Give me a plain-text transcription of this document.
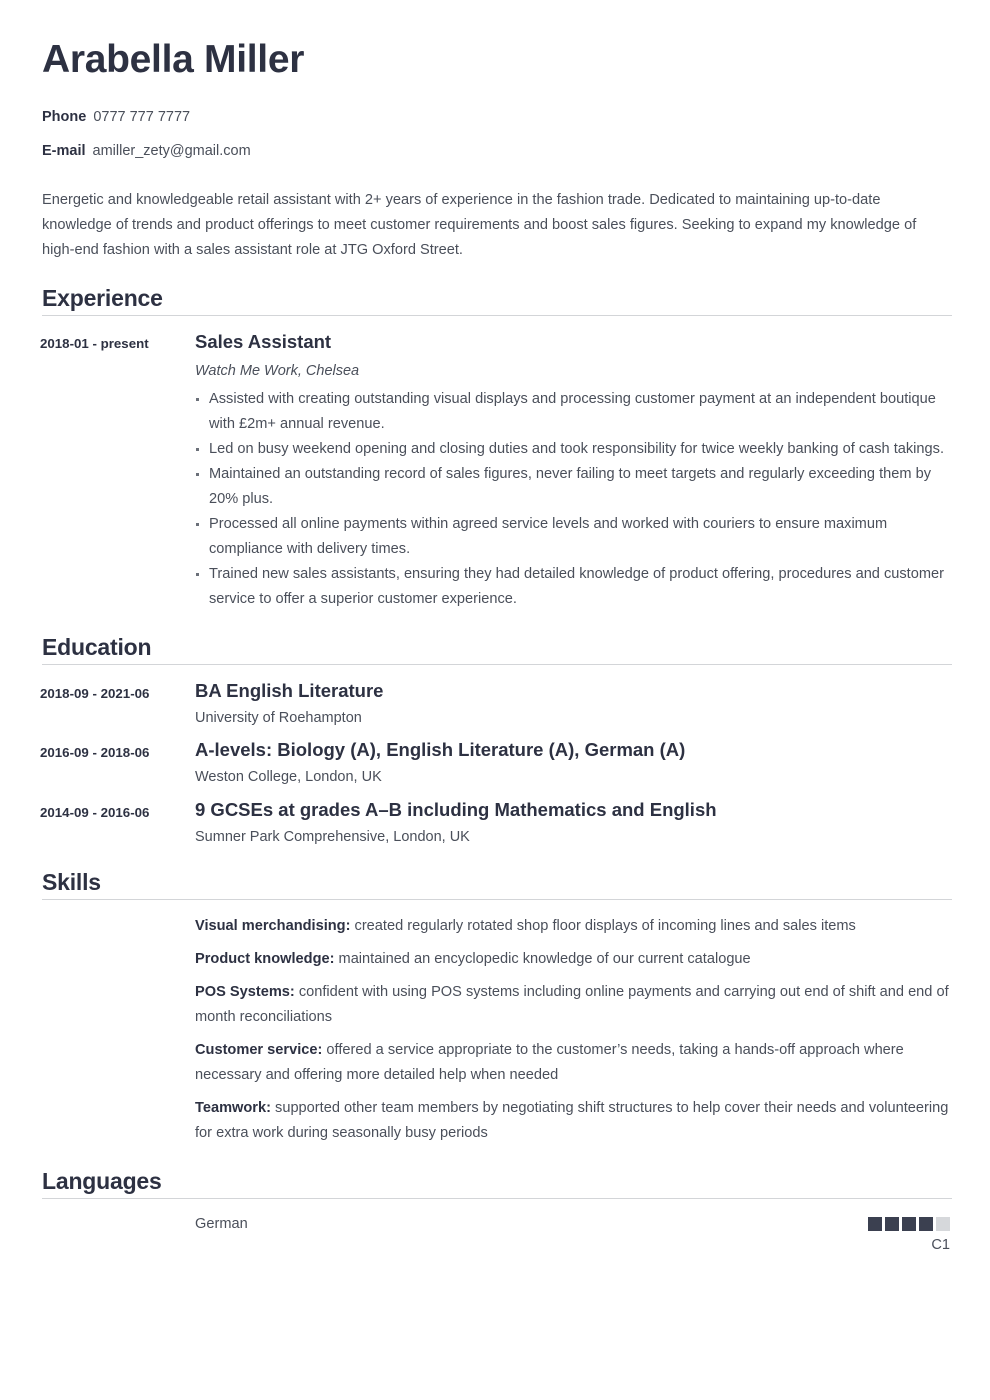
Arabella Miller
Phone 0777 777 7777
E-mail amiller_zety@gmail.com

Energetic and knowledgeable retail assistant with 2+ years of experience in the fashion trade. Dedicated to maintaining up-to-date knowledge of trends and product offerings to meet customer requirements and boost sales figures. Seeking to expand my knowledge of high-end fashion with a sales assistant role at JTG Oxford Street.

Experience
2018-01 - present	Sales Assistant
Watch Me Work, Chelsea
Assisted with creating outstanding visual displays and processing customer payment at an independent boutique with £2m+ annual revenue.
Led on busy weekend opening and closing duties and took responsibility for twice weekly banking of cash takings.
Maintained an outstanding record of sales figures, never failing to meet targets and regularly exceeding them by 20% plus.
Processed all online payments within agreed service levels and worked with couriers to ensure maximum compliance with delivery times.
Trained new sales assistants, ensuring they had detailed knowledge of product offering, procedures and customer service to offer a superior customer experience.
Education
2018-09 - 2021-06	BA English Literature
University of Roehampton
2016-09 - 2018-06	A-levels: Biology (A), English Literature (A), German (A)
Weston College, London, UK
2014-09 - 2016-06	9 GCSEs at grades A–B including Mathematics and English
Sumner Park Comprehensive, London, UK
Skills
Visual merchandising: created regularly rotated shop floor displays of incoming lines and sales items
Product knowledge: maintained an encyclopedic knowledge of our current catalogue
POS Systems: confident with using POS systems including online payments and carrying out end of shift and end of month reconciliations
Customer service: offered a service appropriate to the customer’s needs, taking a hands-off approach where necessary and offering more detailed help when needed
Teamwork: supported other team members by negotiating shift structures to help cover their needs and volunteering for extra work during seasonally busy periods
Languages
German
C1
